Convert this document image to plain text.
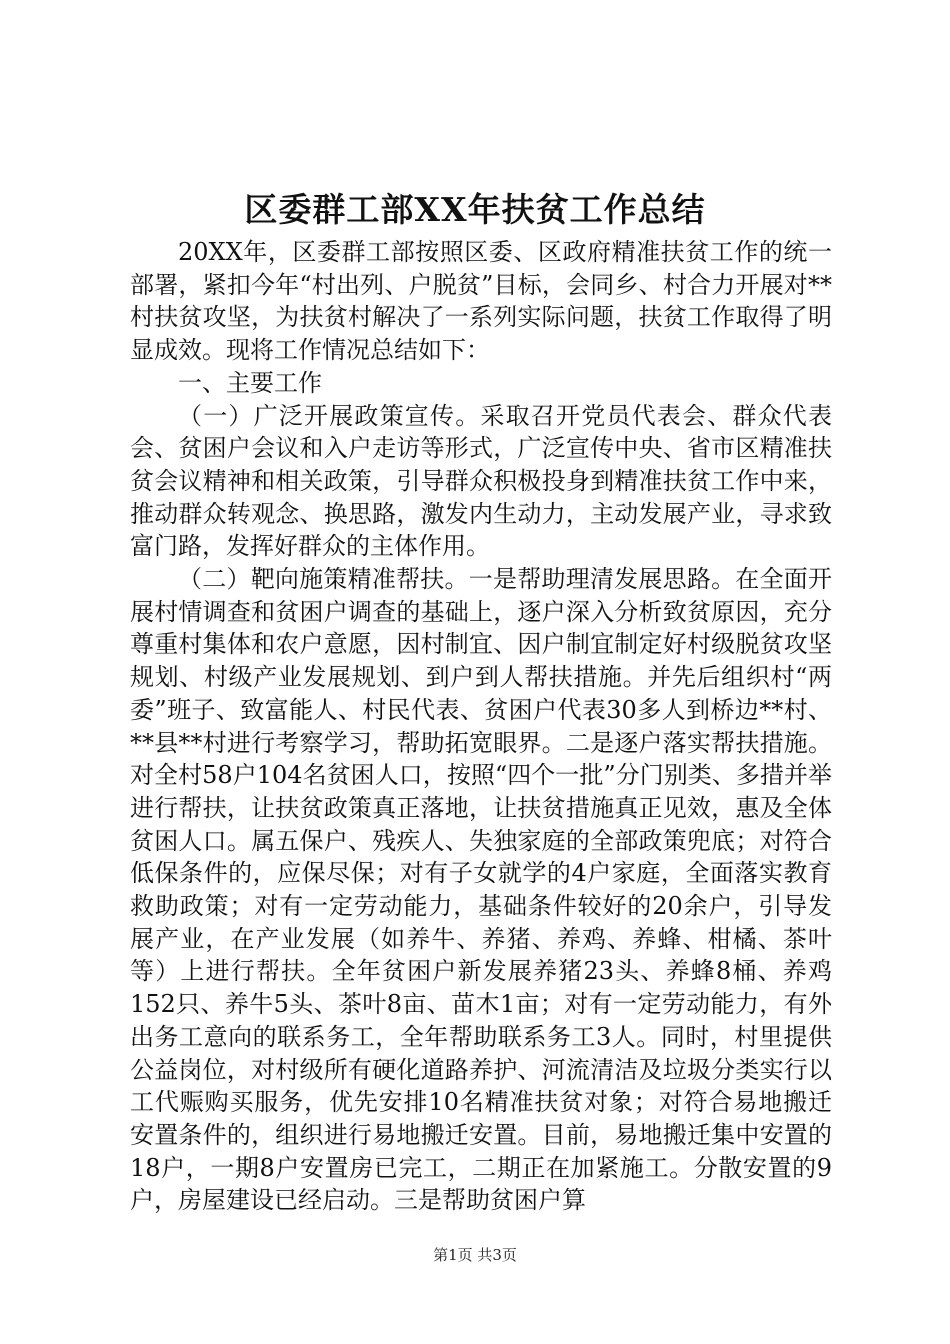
区委群工部XX年扶贫工作总结

20XX年，区委群工部按照区委、区政府精准扶贫工作的统一部署，紧扣今年“村出列、户脱贫”目标，会同乡、村合力开展对**村扶贫攻坚，为扶贫村解决了一系列实际问题，扶贫工作取得了明显成效。现将工作情况总结如下：

一、主要工作

（一）广泛开展政策宣传。采取召开党员代表会、群众代表会、贫困户会议和入户走访等形式，广泛宣传中央、省市区精准扶贫会议精神和相关政策，引导群众积极投身到精准扶贫工作中来，推动群众转观念、换思路，激发内生动力，主动发展产业，寻求致富门路，发挥好群众的主体作用。

（二）靶向施策精准帮扶。一是帮助理清发展思路。在全面开展村情调查和贫困户调查的基础上，逐户深入分析致贫原因，充分尊重村集体和农户意愿，因村制宜、因户制宜制定好村级脱贫攻坚规划、村级产业发展规划、到户到人帮扶措施。并先后组织村“两委”班子、致富能人、村民代表、贫困户代表30多人到桥边**村、**县**村进行考察学习，帮助拓宽眼界。二是逐户落实帮扶措施。对全村58户104名贫困人口，按照“四个一批”分门别类、多措并举进行帮扶，让扶贫政策真正落地，让扶贫措施真正见效，惠及全体贫困人口。属五保户、残疾人、失独家庭的全部政策兜底；对符合低保条件的，应保尽保；对有子女就学的4户家庭，全面落实教育救助政策；对有一定劳动能力，基础条件较好的20余户，引导发展产业，在产业发展（如养牛、养猪、养鸡、养蜂、柑橘、茶叶等）上进行帮扶。全年贫困户新发展养猪23头、养蜂8桶、养鸡152只、养牛5头、茶叶8亩、苗木1亩；对有一定劳动能力，有外出务工意向的联系务工，全年帮助联系务工3人。同时，村里提供公益岗位，对村级所有硬化道路养护、河流清洁及垃圾分类实行以工代赈购买服务，优先安排10名精准扶贫对象；对符合易地搬迁安置条件的，组织进行易地搬迁安置。目前，易地搬迁集中安置的18户，一期8户安置房已完工，二期正在加紧施工。分散安置的9户，房屋建设已经启动。三是帮助贫困户算

第1页 共3页
